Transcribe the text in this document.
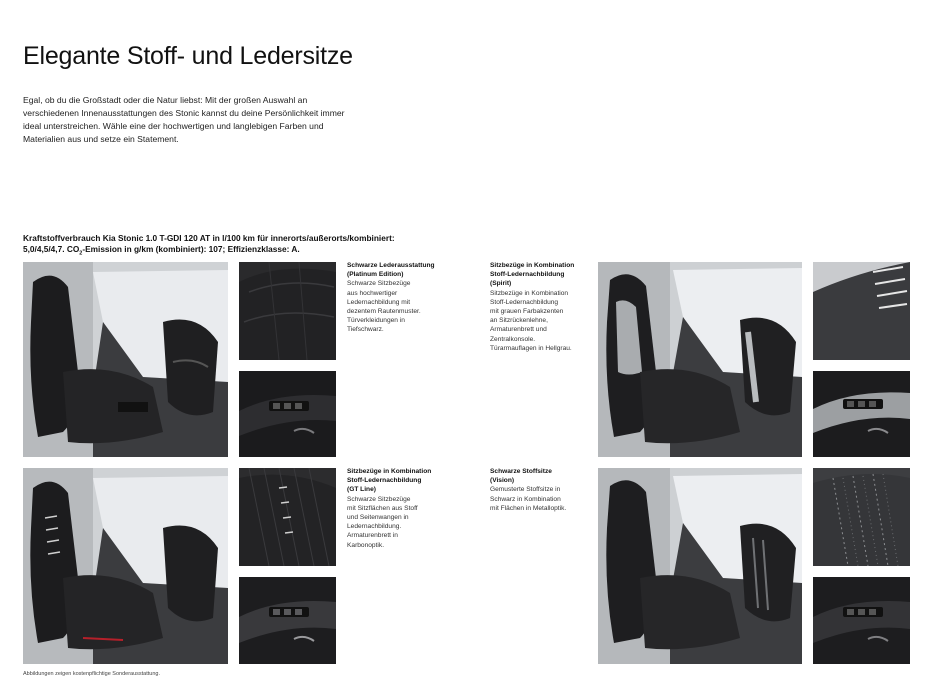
Elegante Stoff- und Ledersitze
Egal, ob du die Großstadt oder die Natur liebst: Mit der großen Auswahl an verschiedenen Innenausstattungen des Stonic kannst du deine Persönlichkeit immer ideal unterstreichen. Wähle eine der hochwertigen und langlebigen Farben und Materialien aus und setze ein Statement.
Kraftstoffverbrauch Kia Stonic 1.0 T-GDI 120 AT in l/100 km für innerorts/außerorts/kombiniert:
5,0/4,5/4,7. $CO_2$-Emission in g/km (kombiniert): 107; Effizienzklasse: A.
Schwarze Lederausstattung
(Platinum Edition)
Schwarze Sitzbezüge
aus hochwertiger
Ledernachbildung mit
dezentem Rautenmuster.
Türverkleidungen in
Tiefschwarz.
Sitzbezüge in Kombination
Stoff-Ledernachbildung
(Spirit)
Sitzbezüge in Kombination
Stoff-Ledernachbildung
mit grauen Farbakzenten
an Sitzrückenlehne,
Armaturenbrett und
Zentralkonsole.
Türarmauflagen in Hellgrau.
Sitzbezüge in Kombination
Stoff-Ledernachbildung
(GT Line)
Schwarze Sitzbezüge
mit Sitzflächen aus Stoff
und Seitenwangen in
Ledernachbildung.
Armaturenbrett in
Karbonoptik.
Schwarze Stoffsitze
(Vision)
Gemusterte Stoffsitze in
Schwarz in Kombination
mit Flächen in Metalloptik.
Abbildungen zeigen kostenpflichtige Sonderausstattung.
